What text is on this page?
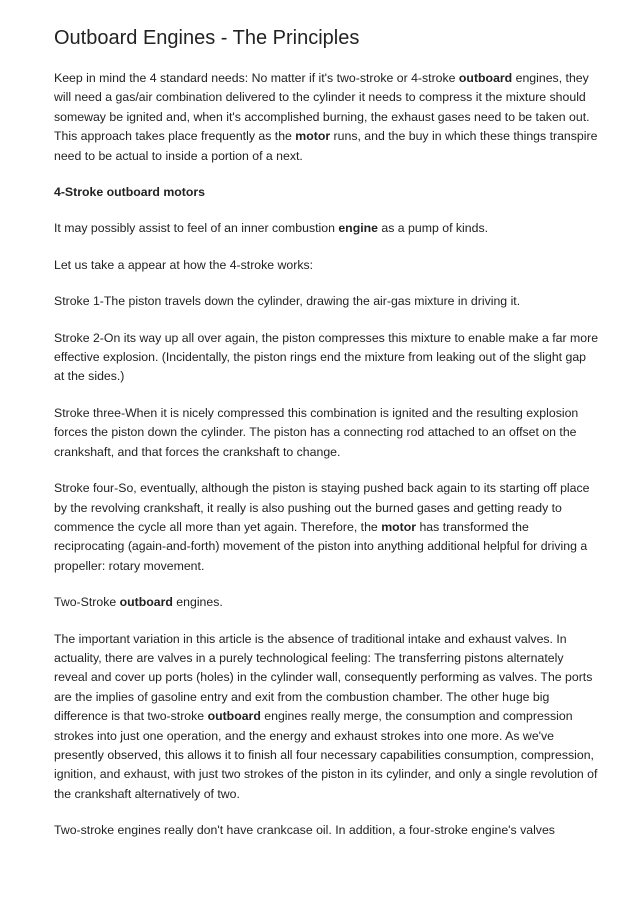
Outboard Engines - The Principles

Keep in mind the 4 standard needs: No matter if it's two-stroke or 4-stroke outboard engines, they will need a gas/air combination delivered to the cylinder it needs to compress it the mixture should someway be ignited and, when it's accomplished burning, the exhaust gases need to be taken out. This approach takes place frequently as the motor runs, and the buy in which these things transpire need to be actual to inside a portion of a next.

4-Stroke outboard motors

It may possibly assist to feel of an inner combustion engine as a pump of kinds.

Let us take a appear at how the 4-stroke works:

Stroke 1-The piston travels down the cylinder, drawing the air-gas mixture in driving it.

Stroke 2-On its way up all over again, the piston compresses this mixture to enable make a far more effective explosion. (Incidentally, the piston rings end the mixture from leaking out of the slight gap at the sides.)

Stroke three-When it is nicely compressed this combination is ignited and the resulting explosion forces the piston down the cylinder. The piston has a connecting rod attached to an offset on the crankshaft, and that forces the crankshaft to change.

Stroke four-So, eventually, although the piston is staying pushed back again to its starting off place by the revolving crankshaft, it really is also pushing out the burned gases and getting ready to commence the cycle all more than yet again. Therefore, the motor has transformed the reciprocating (again-and-forth) movement of the piston into anything additional helpful for driving a propeller: rotary movement.

Two-Stroke outboard engines.

The important variation in this article is the absence of traditional intake and exhaust valves. In actuality, there are valves in a purely technological feeling: The transferring pistons alternately reveal and cover up ports (holes) in the cylinder wall, consequently performing as valves. The ports are the implies of gasoline entry and exit from the combustion chamber. The other huge big difference is that two-stroke outboard engines really merge, the consumption and compression strokes into just one operation, and the energy and exhaust strokes into one more. As we've presently observed, this allows it to finish all four necessary capabilities consumption, compression, ignition, and exhaust, with just two strokes of the piston in its cylinder, and only a single revolution of the crankshaft alternatively of two.

Two-stroke engines really don't have crankcase oil. In addition, a four-stroke engine's valves
